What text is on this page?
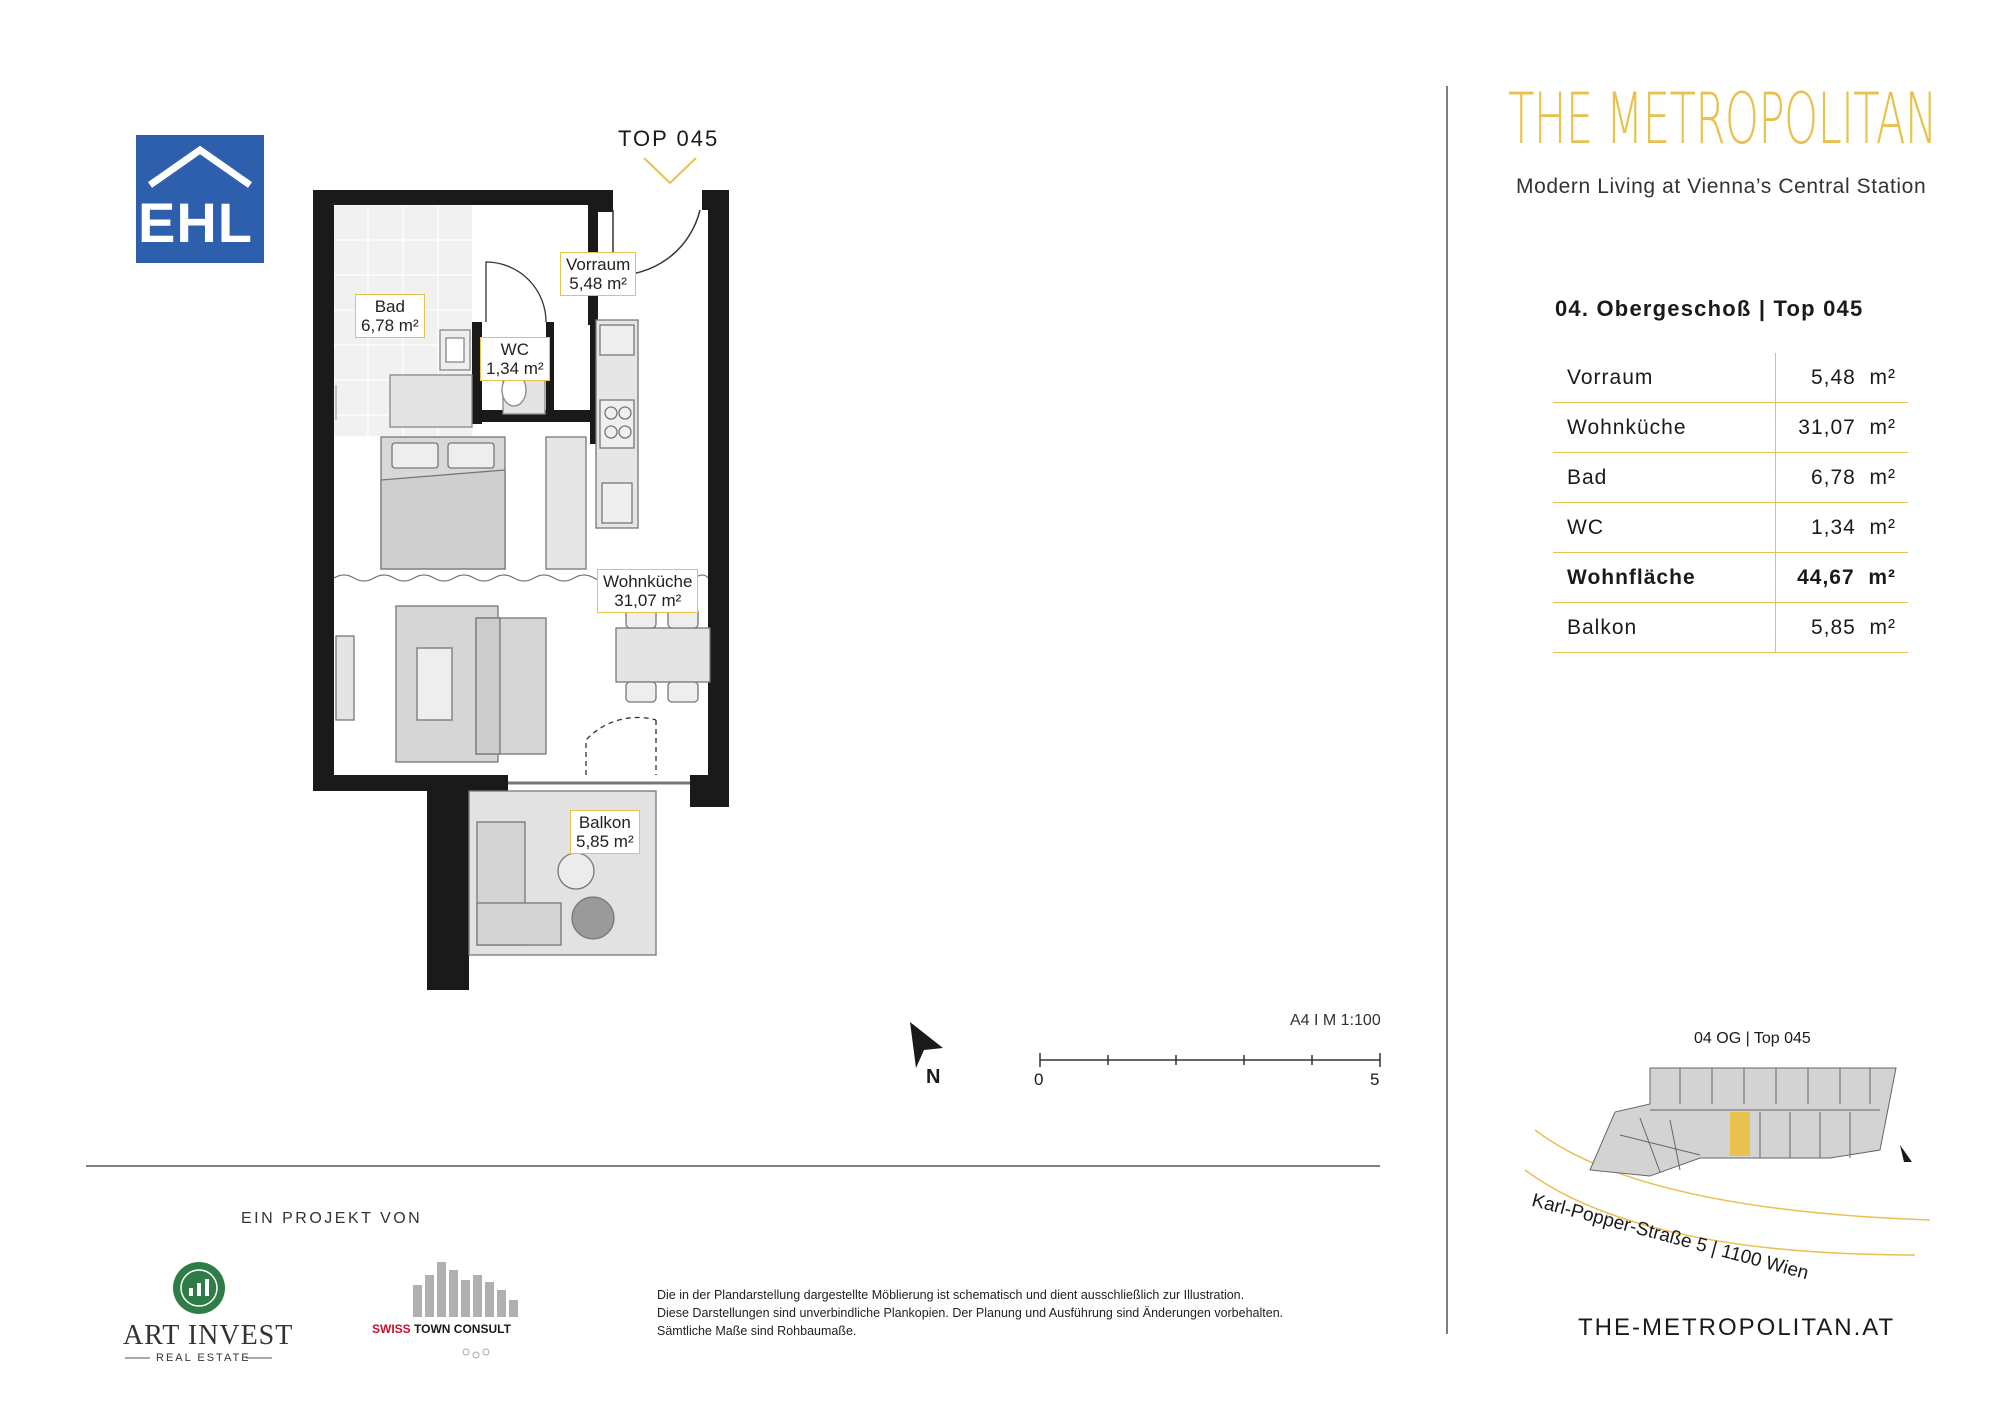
TOP 045
Vorraum
5,48 m²
Bad
6,78 m²
WC
1,34 m²
Wohnküche
31,07 m²
Balkon
5,85 m²
EHL
THE METROPOLITAN
Modern Living at Vienna’s Central Station
04. Obergeschoß | Top 045
Vorraum	5,48  m²
Wohnküche	31,07  m²
Bad	6,78  m²
WC	1,34  m²
Wohnfläche	44,67  m²
Balkon	5,85  m²
A4 I M 1:100
0	5
N
EIN PROJEKT VON
ART INVEST
REAL ESTATE
SWISS TOWN CONSULT
Die in der Plandarstellung dargestellte Möblierung ist schematisch und dient ausschließlich zur Illustration.
Diese Darstellungen sind unverbindliche Plankopien. Der Planung und Ausführung sind Änderungen vorbehalten.
Sämtliche Maße sind Rohbaumaße.
04 OG | Top 045
Karl-Popper-Straße 5 | 1100 Wien
THE-METROPOLITAN.AT
